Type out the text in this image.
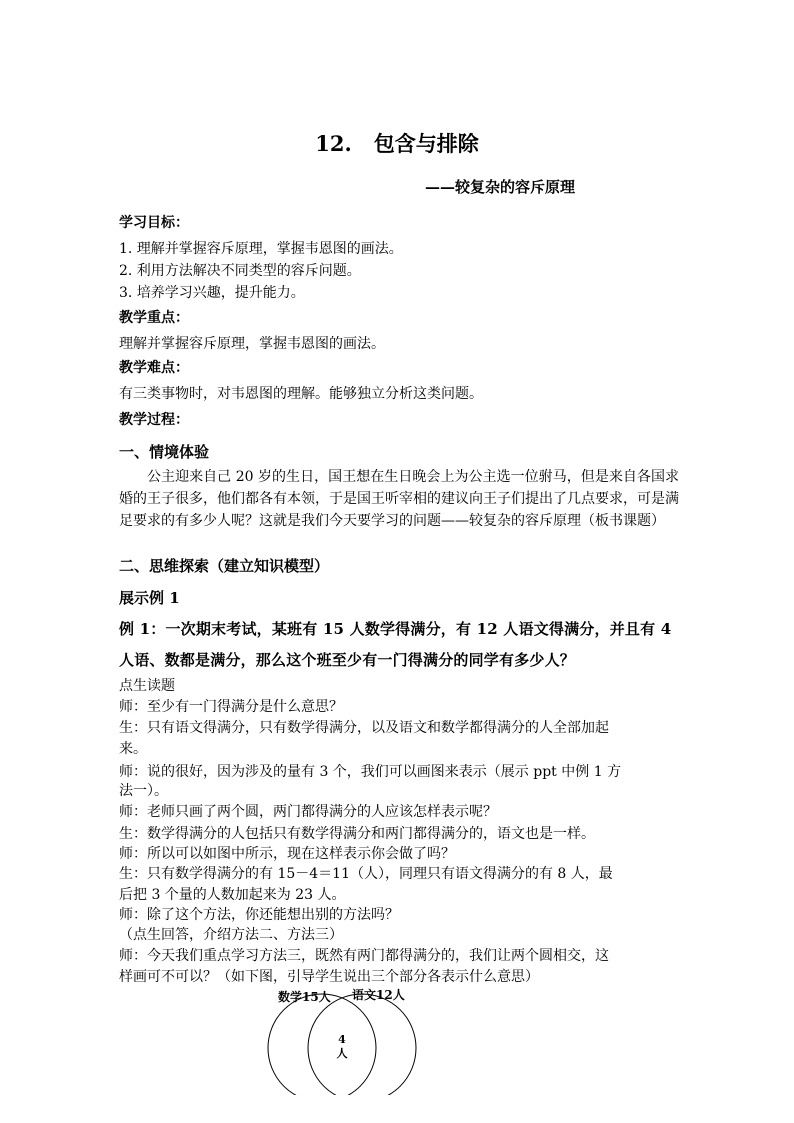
12.   包含与排除
——较复杂的容斥原理
学习目标：
1. 理解并掌握容斥原理，掌握韦恩图的画法。
2. 利用方法解决不同类型的容斥问题。
3. 培养学习兴趣，提升能力。
教学重点：
理解并掌握容斥原理，掌握韦恩图的画法。
教学难点：
有三类事物时，对韦恩图的理解。能够独立分析这类问题。
教学过程：
一、情境体验
公主迎来自己 20 岁的生日，国王想在生日晚会上为公主选一位驸马，但是来自各国求婚的王子很多，他们都各有本领，于是国王听宰相的建议向王子们提出了几点要求，可是满足要求的有多少人呢？这就是我们今天要学习的问题——较复杂的容斥原理（板书课题）
二、思维探索（建立知识模型）
展示例 1
例 1：一次期末考试，某班有 15 人数学得满分，有 12 人语文得满分，并且有 4
人语、数都是满分，那么这个班至少有一门得满分的同学有多少人？
点生读题
师：至少有一门得满分是什么意思？
生：只有语文得满分，只有数学得满分，以及语文和数学都得满分的人全部加起
来。
师：说的很好，因为涉及的量有 3 个，我们可以画图来表示（展示 ppt 中例 1 方
法一）。
师：老师只画了两个圆，两门都得满分的人应该怎样表示呢？
生：数学得满分的人包括只有数学得满分和两门都得满分的，语文也是一样。
师：所以可以如图中所示，现在这样表示你会做了吗？
生：只有数学得满分的有 15－4＝11（人），同理只有语文得满分的有 8 人，最
后把 3 个量的人数加起来为 23 人。
师：除了这个方法，你还能想出别的方法吗？
（点生回答，介绍方法二、方法三）
师：今天我们重点学习方法三，既然有两门都得满分的，我们让两个圆相交，这
样画可不可以？（如下图，引导学生说出三个部分各表示什么意思）
数学15人 语文12人
4
人
